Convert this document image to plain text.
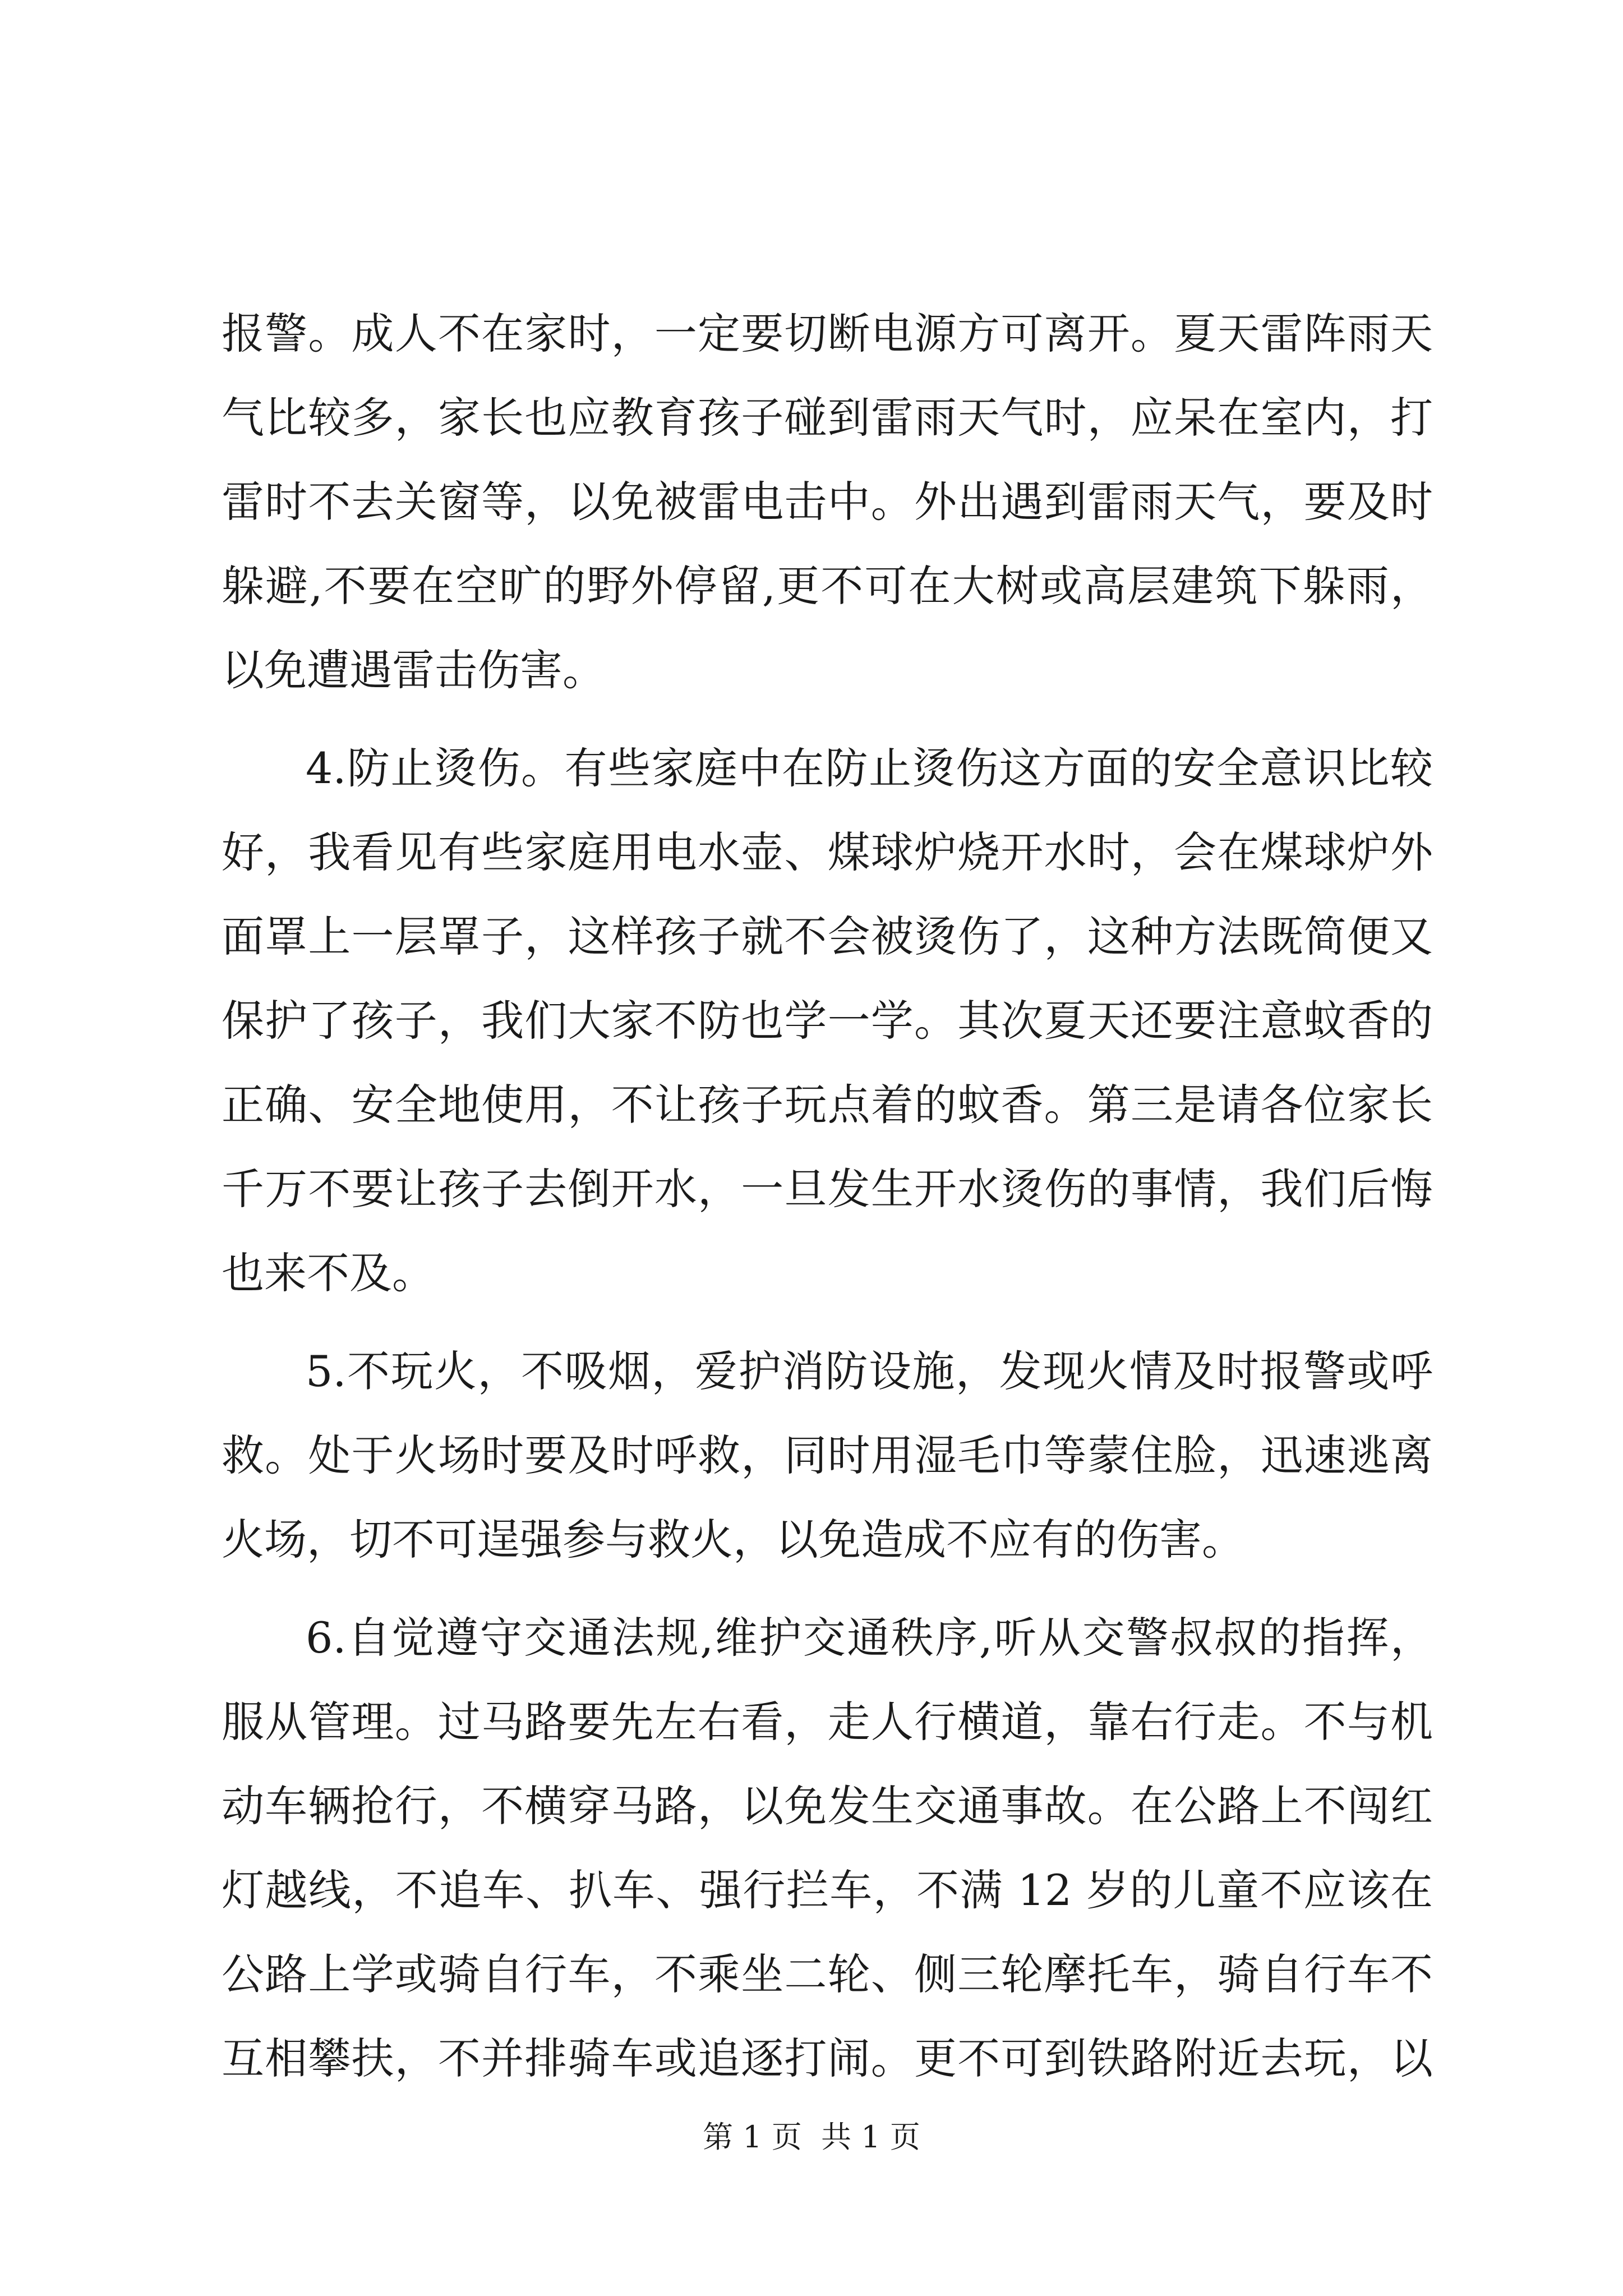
报警。成人不在家时，一定要切断电源方可离开。夏天雷阵雨天
气比较多，家长也应教育孩子碰到雷雨天气时，应呆在室内，打
雷时不去关窗等，以免被雷电击中。外出遇到雷雨天气，要及时
躲避,不要在空旷的野外停留,更不可在大树或高层建筑下躲雨，
以免遭遇雷击伤害。
4.防止烫伤。有些家庭中在防止烫伤这方面的安全意识比较
好，我看见有些家庭用电水壶、煤球炉烧开水时，会在煤球炉外
面罩上一层罩子，这样孩子就不会被烫伤了，这种方法既简便又
保护了孩子，我们大家不防也学一学。其次夏天还要注意蚊香的
正确、安全地使用，不让孩子玩点着的蚊香。第三是请各位家长
千万不要让孩子去倒开水，一旦发生开水烫伤的事情，我们后悔
也来不及。
5.不玩火，不吸烟，爱护消防设施，发现火情及时报警或呼
救。处于火场时要及时呼救，同时用湿毛巾等蒙住脸，迅速逃离
火场，切不可逞强参与救火，以免造成不应有的伤害。
6.自觉遵守交通法规,维护交通秩序,听从交警叔叔的指挥，
服从管理。过马路要先左右看，走人行横道，靠右行走。不与机
动车辆抢行，不横穿马路，以免发生交通事故。在公路上不闯红
灯越线，不追车、扒车、强行拦车，不满 12 岁的儿童不应该在
公路上学或骑自行车，不乘坐二轮、侧三轮摩托车，骑自行车不
互相攀扶，不并排骑车或追逐打闹。更不可到铁路附近去玩，以
第 1 页  共 1 页
